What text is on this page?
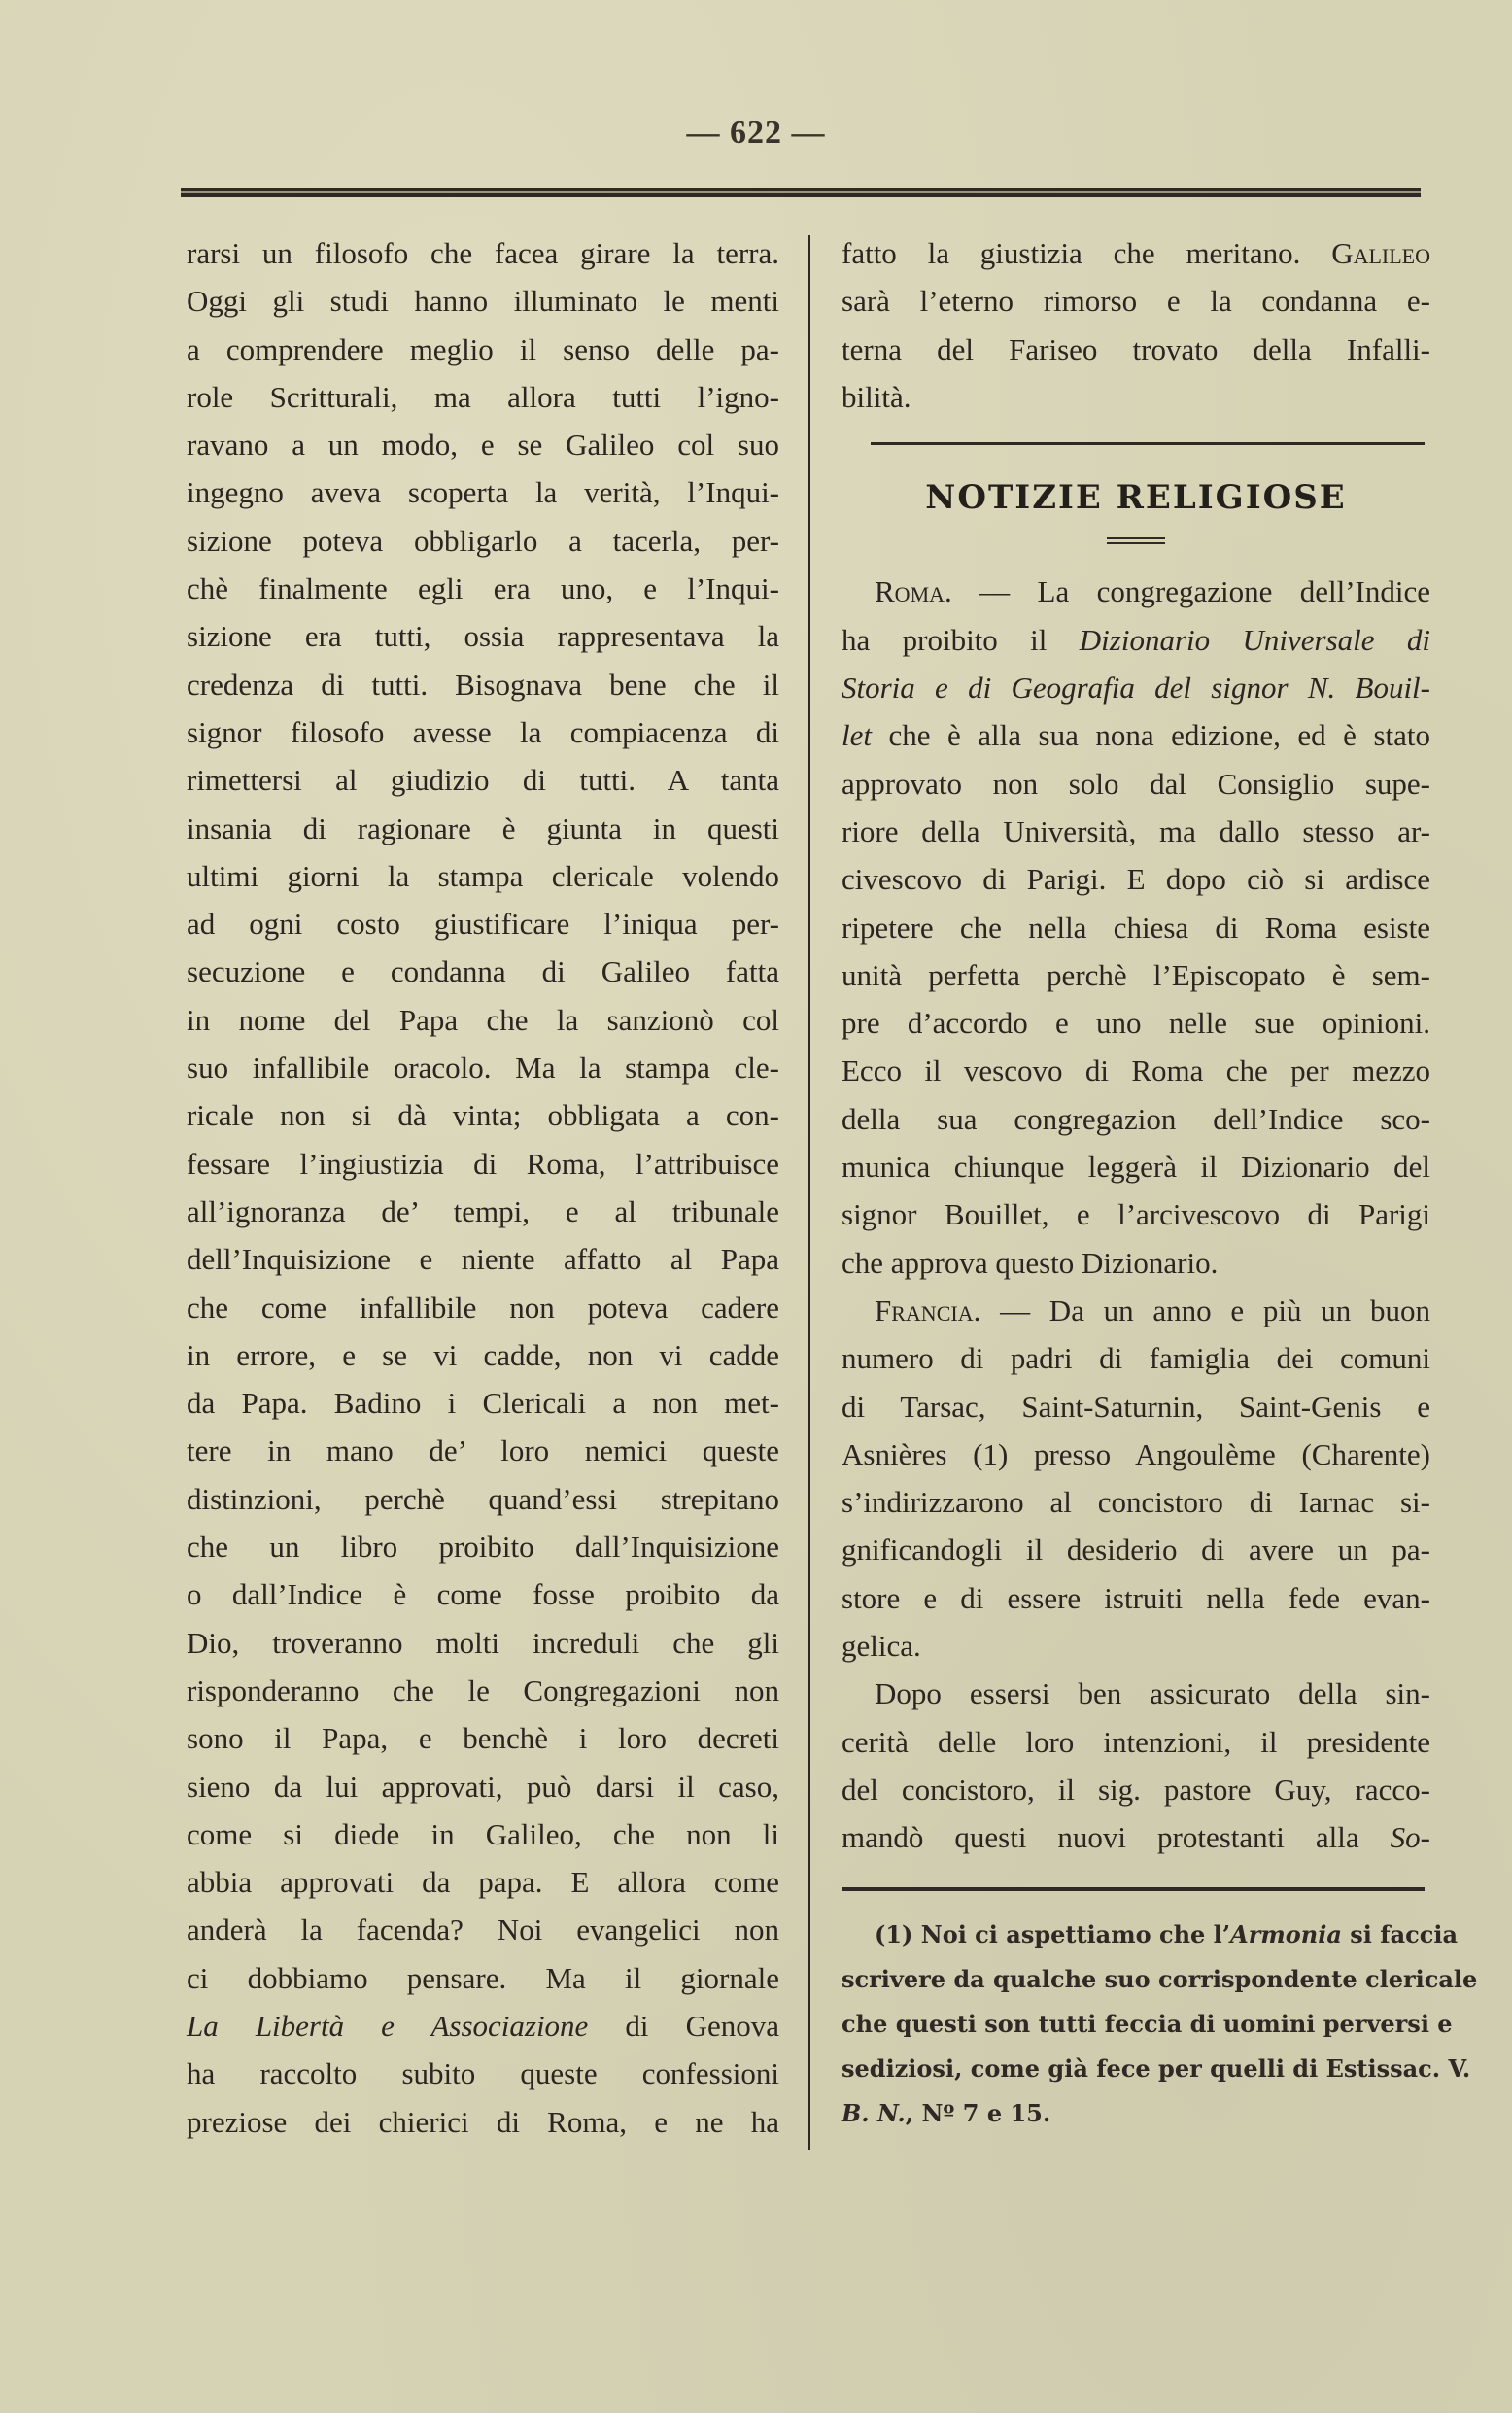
— 622 —
rarsi un filosofo che facea girare la terra.
Oggi gli studi hanno illuminato le menti
a comprendere meglio il senso delle pa-
role Scritturali, ma allora tutti l’igno-
ravano a un modo, e se Galileo col suo
ingegno aveva scoperta la verità, l’Inqui-
sizione poteva obbligarlo a tacerla, per-
chè finalmente egli era uno, e l’Inqui-
sizione era tutti, ossia rappresentava la
credenza di tutti. Bisognava bene che il
signor filosofo avesse la compiacenza di
rimettersi al giudizio di tutti. A tanta
insania di ragionare è giunta in questi
ultimi giorni la stampa clericale volendo
ad ogni costo giustificare l’iniqua per-
secuzione e condanna di Galileo fatta
in nome del Papa che la sanzionò col
suo infallibile oracolo. Ma la stampa cle-
ricale non si dà vinta; obbligata a con-
fessare l’ingiustizia di Roma, l’attribuisce
all’ignoranza de’ tempi, e al tribunale
dell’Inquisizione e niente affatto al Papa
che come infallibile non poteva cadere
in errore, e se vi cadde, non vi cadde
da Papa. Badino i Clericali a non met-
tere in mano de’ loro nemici queste
distinzioni, perchè quand’essi strepitano
che un libro proibito dall’Inquisizione
o dall’Indice è come fosse proibito da
Dio, troveranno molti increduli che gli
risponderanno che le Congregazioni non
sono il Papa, e benchè i loro decreti
sieno da lui approvati, può darsi il caso,
come si diede in Galileo, che non li
abbia approvati da papa. E allora come
anderà la facenda? Noi evangelici non
ci dobbiamo pensare. Ma il giornale
La Libertà e Associazione di Genova
ha raccolto subito queste confessioni
preziose dei chierici di Roma, e ne ha
fatto la giustizia che meritano. Galileo
sarà l’eterno rimorso e la condanna e-
terna del Fariseo trovato della Infalli-
bilità.
NOTIZIE RELIGIOSE
Roma. — La congregazione dell’Indice
ha proibito il Dizionario Universale di
Storia e di Geografia del signor N. Bouil-
let che è alla sua nona edizione, ed è stato
approvato non solo dal Consiglio supe-
riore della Università, ma dallo stesso ar-
civescovo di Parigi. E dopo ciò si ardisce
ripetere che nella chiesa di Roma esiste
unità perfetta perchè l’Episcopato è sem-
pre d’accordo e uno nelle sue opinioni.
Ecco il vescovo di Roma che per mezzo
della sua congregazion dell’Indice sco-
munica chiunque leggerà il Dizionario del
signor Bouillet, e l’arcivescovo di Parigi
che approva questo Dizionario.
Francia. — Da un anno e più un buon
numero di padri di famiglia dei comuni
di Tarsac, Saint-Saturnin, Saint-Genis e
Asnières (1) presso Angoulème (Charente)
s’indirizzarono al concistoro di Iarnac si-
gnificandogli il desiderio di avere un pa-
store e di essere istruiti nella fede evan-
gelica.
Dopo essersi ben assicurato della sin-
cerità delle loro intenzioni, il presidente
del concistoro, il sig. pastore Guy, racco-
mandò questi nuovi protestanti alla So-
(1) Noi ci aspettiamo che l’Armonia si faccia
scrivere da qualche suo corrispondente clericale
che questi son tutti feccia di uomini perversi e
sediziosi, come già fece per quelli di Estissac. V.
B. N., Nº 7 e 15.
